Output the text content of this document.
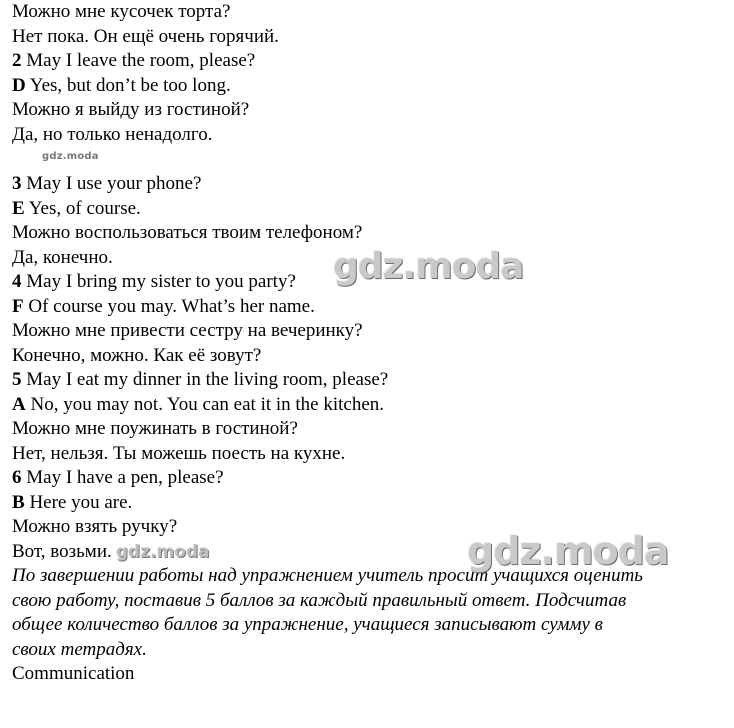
Можно мне кусочек торта?
Нет пока. Он ещё очень горячий.
2 May I leave the room, please?
D Yes, but don’t be too long.
Можно я выйду из гостиной?
Да, но только ненадолго.
gdz.moda
3 May I use your phone?
E Yes, of course.
Можно воспользоваться твоим телефоном?
Да, конечно.
4 May I bring my sister to you party?
F Of course you may. What’s her name.
Можно мне привести сестру на вечеринку?
Конечно, можно. Как её зовут?
5 May I eat my dinner in the living room, please?
A No, you may not. You can eat it in the kitchen.
Можно мне поужинать в гостиной?
Нет, нельзя. Ты можешь поесть на кухне.
6 May I have a pen, please?
B Here you are.
Можно взять ручку?
Вот, возьми. gdz.moda
По завершении работы над упражнением учитель просит учащихся оценить
свою работу, поставив 5 баллов за каждый правильный ответ. Подсчитав
общее количество баллов за упражнение, учащиеся записывают сумму в
своих тетрадях.
Communication
gdz.moda
gdz.moda
